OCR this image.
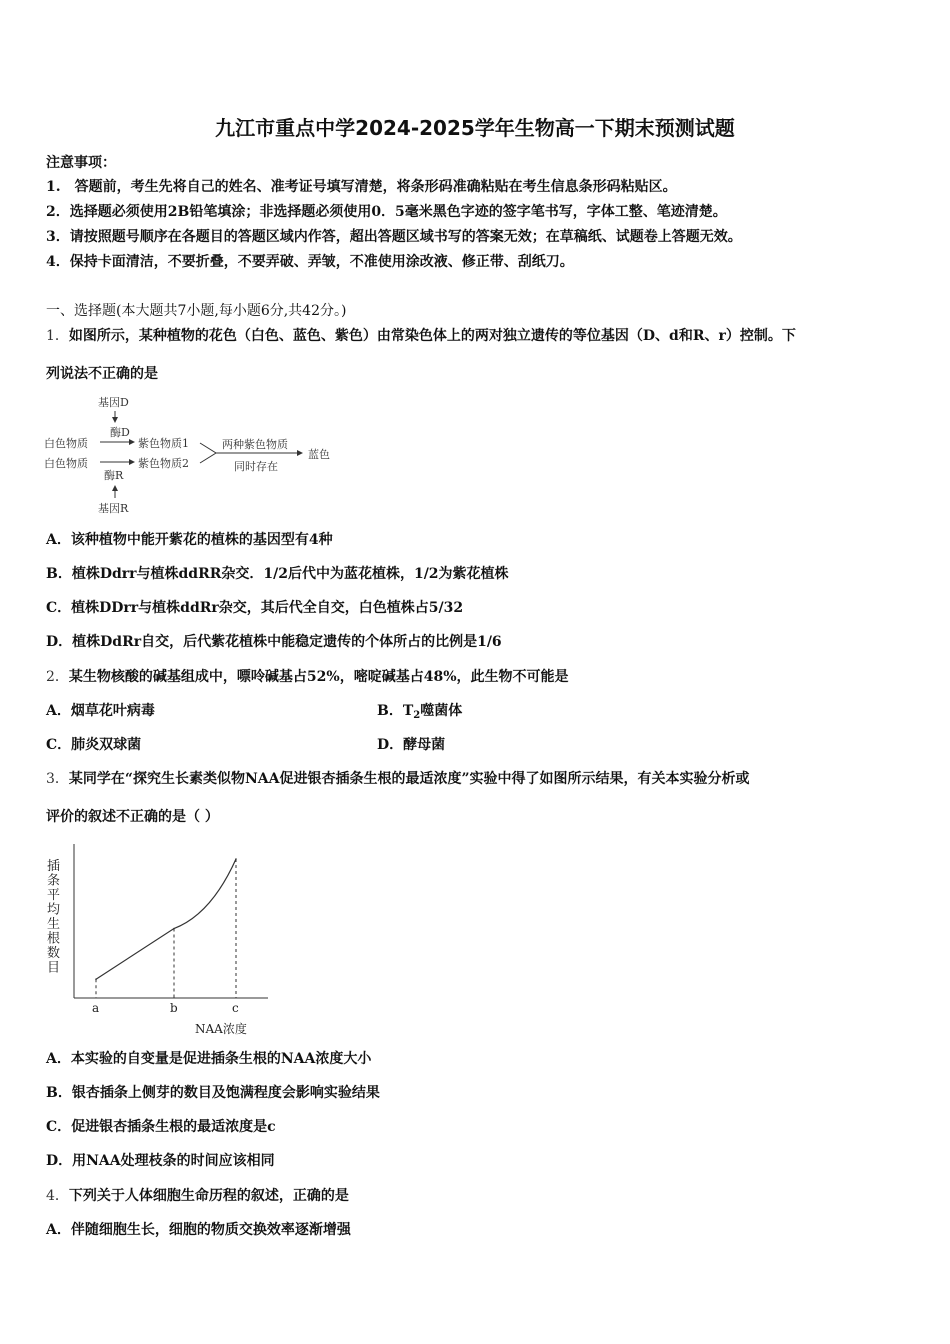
九江市重点中学2024-2025学年生物高一下期末预测试题
注意事项：
1.　答题前，考生先将自己的姓名、准考证号填写清楚，将条形码准确粘贴在考生信息条形码粘贴区。
2．选择题必须使用2B铅笔填涂；非选择题必须使用0．5毫米黑色字迹的签字笔书写，字体工整、笔迹清楚。
3．请按照题号顺序在各题目的答题区域内作答，超出答题区域书写的答案无效；在草稿纸、试题卷上答题无效。
4．保持卡面清洁，不要折叠，不要弄破、弄皱，不准使用涂改液、修正带、刮纸刀。
一、选择题(本大题共7小题,每小题6分,共42分。)
1．如图所示，某种植物的花色（白色、蓝色、紫色）由常染色体上的两对独立遗传的等位基因（D、d和R、r）控制。下
列说法不正确的是
基因D
酶D
白色物质	紫色物质1
白色物质	紫色物质2
两种紫色物质
同时存在
蓝色
酶R
基因R
A．该种植物中能开紫花的植株的基因型有4种
B．植株Ddrr与植株ddRR杂交．1/2后代中为蓝花植株，1/2为紫花植株
C．植株DDrr与植株ddRr杂交，其后代全自交，白色植株占5/32
D．植株DdRr自交，后代紫花植株中能稳定遗传的个体所占的比例是1/6
2．某生物核酸的碱基组成中，嘌呤碱基占52%，嘧啶碱基占48%，此生物不可能是
A．烟草花叶病毒	B．$T_2$噬菌体
C．肺炎双球菌	D．酵母菌
3．某同学在“探究生长素类似物NAA促进银杏插条生根的最适浓度”实验中得了如图所示结果，有关本实验分析或
评价的叙述不正确的是（ ）
插条平均生根数目
a	b	c
NAA浓度
A．本实验的自变量是促进插条生根的NAA浓度大小
B．银杏插条上侧芽的数目及饱满程度会影响实验结果
C．促进银杏插条生根的最适浓度是c
D．用NAA处理枝条的时间应该相同
4．下列关于人体细胞生命历程的叙述，正确的是
A．伴随细胞生长，细胞的物质交换效率逐渐增强
